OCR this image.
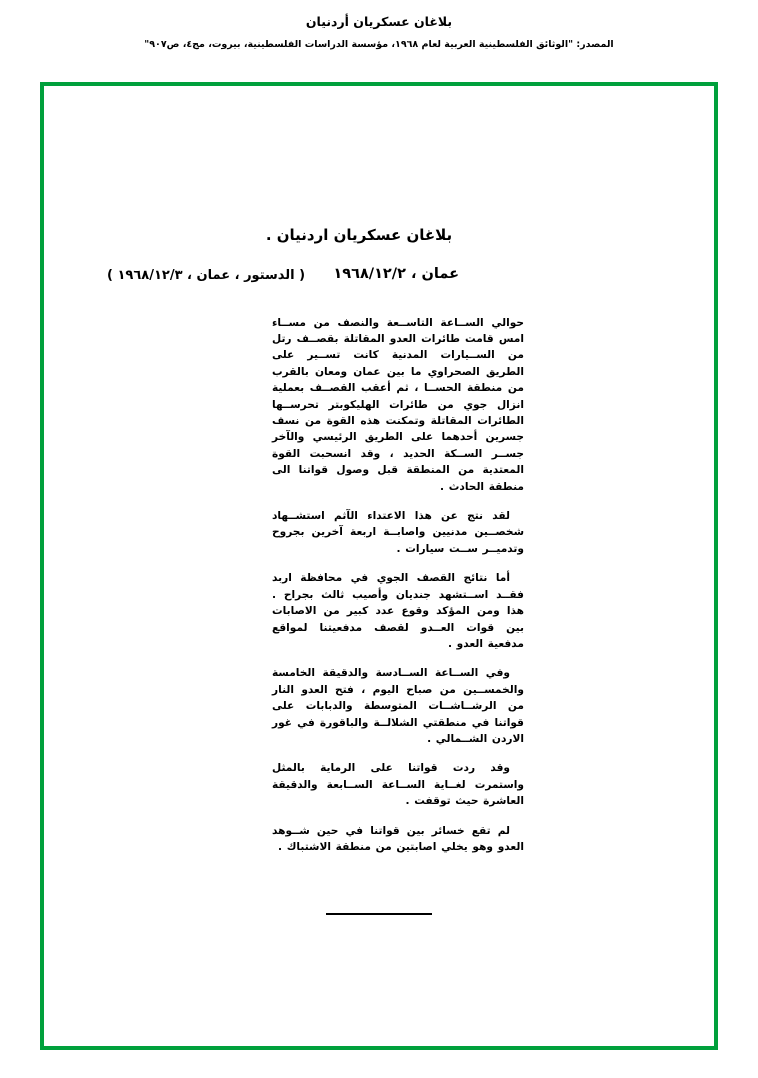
بلاغان عسكريان أردنيان
المصدر: "الوثائق الفلسطينية العربية لعام ١٩٦٨، مؤسسة الدراسات الفلسطينية، بيروت، مج٤، ص٩٠٧"
بلاغان عسكريان اردنيان .
عمان ، ١٩٦٨/١٢/٢
( الدستور ، عمان ، ١٩٦٨/١٢/٣ )

حوالي الســاعة التاســعة والنصف من مســاء امس قامت طائرات العدو المقاتلة بقصــف رتل من الســيارات المدنية كانت تســير على الطريق الصحراوي ما بين عمان ومعان بالقرب من منطقة الحســا ، ثم أعقب القصــف بعملية انزال جوي من طائرات الهليكوبتر تحرســها الطائرات المقاتلة وتمكنت هذه القوة من نسف جسرين أحدهما على الطريق الرئيسي والآخر جســر الســكة الحديد ، وقد انسحبت القوة المعتدية من المنطقة قبل وصول قواتنا الى منطقة الحادث .

لقد نتج عن هذا الاعتداء الآثم استشــهاد شخصــين مدنيين واصابــة اربعة آخرين بجروح وتدميــر ســت سيارات .

أما نتائج القصف الجوي في محافظة اربد فقــد اســتشهد جنديان وأصيب ثالث بجراح . هذا ومن المؤكد وقوع عدد كبير من الاصابات بين قوات العــدو لقصف مدفعيتنا لمواقع مدفعية العدو .

وفي الســاعة الســادسة والدقيقة الخامسة والخمســين من صباح اليوم ، فتح العدو النار من الرشــاشــات المتوسطة والدبابات على قواتنا في منطقتي الشلالــة والباقورة في غور الاردن الشــمالي .

وقد ردت قواتنا على الرماية بالمثل واستمرت لغــاية الســاعة الســابعة والدقيقة العاشرة حيث توقفت .

لم تقع خسائر بين قواتنا في حين شــوهد العدو وهو يخلي اصابتين من منطقة الاشتباك .
